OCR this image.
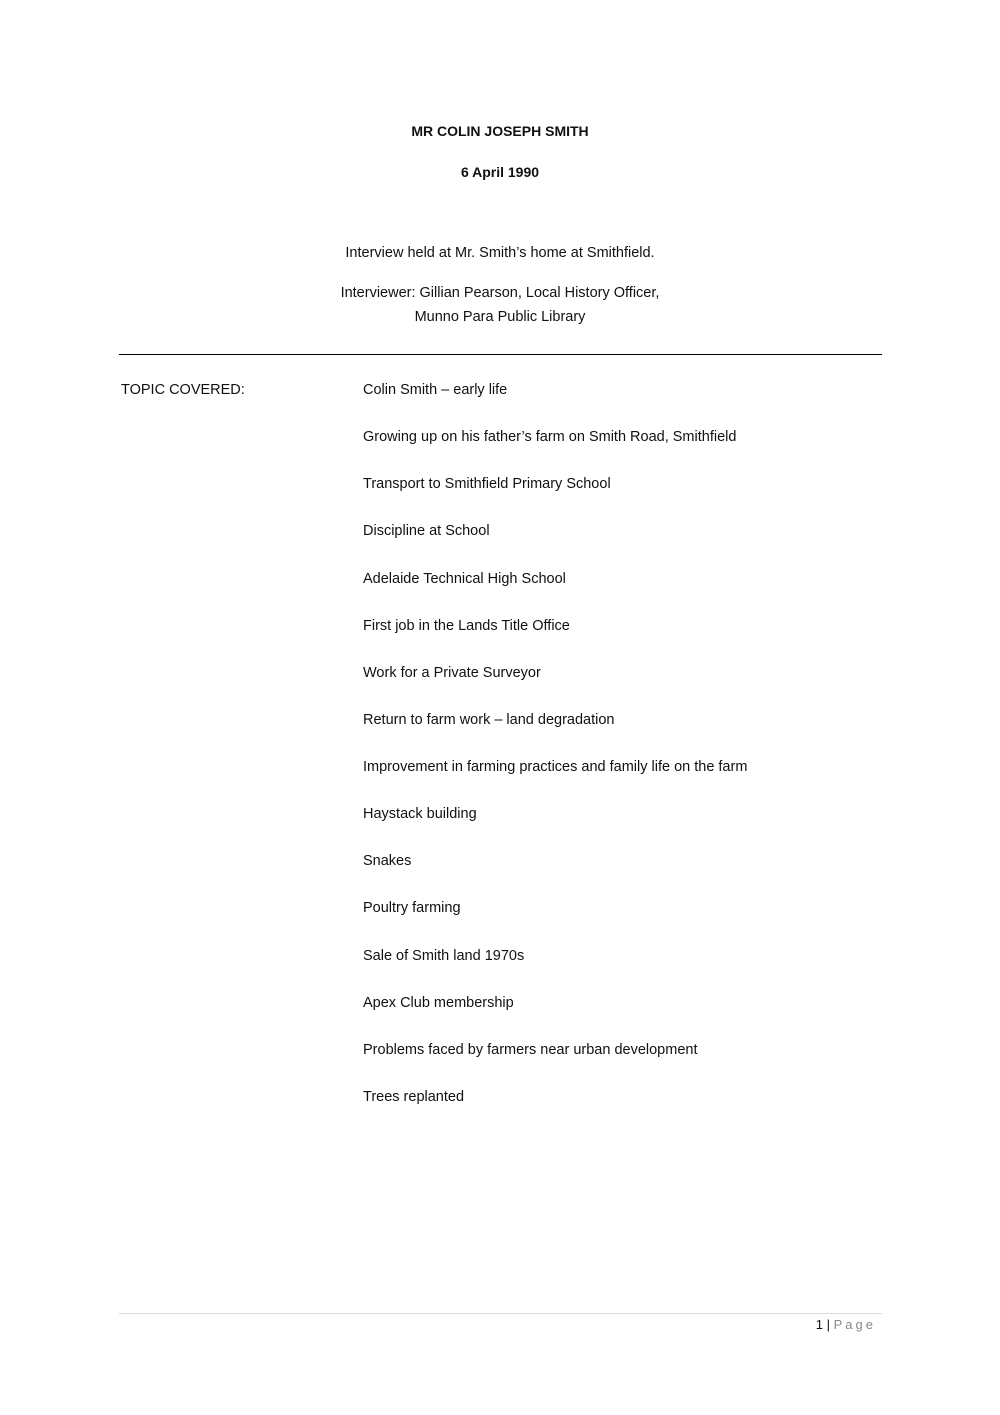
MR COLIN JOSEPH SMITH
6 April 1990
Interview held at Mr. Smith’s home at Smithfield.
Interviewer: Gillian Pearson, Local History Officer,
Munno Para Public Library
TOPIC COVERED:	Colin Smith – early life
Growing up on his father’s farm on Smith Road, Smithfield
Transport to Smithfield Primary School
Discipline at School
Adelaide Technical High School
First job in the Lands Title Office
Work for a Private Surveyor
Return to farm work – land degradation
Improvement in farming practices and family life on the farm
Haystack building
Snakes
Poultry farming
Sale of Smith land 1970s
Apex Club membership
Problems faced by farmers near urban development
Trees replanted
1 | Page
